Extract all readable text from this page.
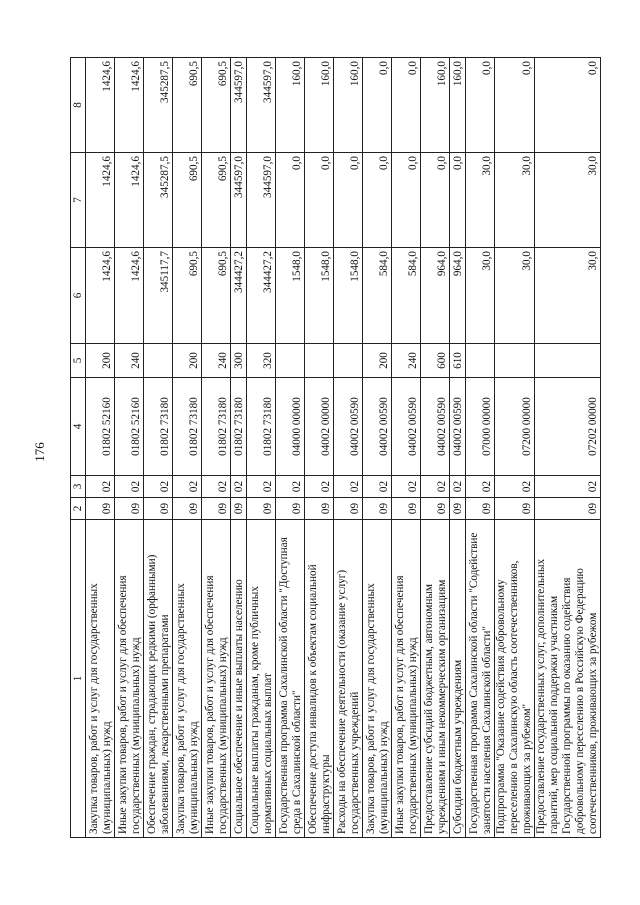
176
1	2	3	4	5	6	7	8
Закупка товаров, работ и услуг для государственных (муниципальных) нужд	09	02	01802 52160	200	1424,6	1424,6	1424,6
Иные закупки товаров, работ и услуг для обеспечения государственных (муниципальных) нужд	09	02	01802 52160	240	1424,6	1424,6	1424,6
Обеспечение граждан, страдающих редкими (орфанными) заболеваниями, лекарственными препаратами	09	02	01802 73180		345117,7	345287,5	345287,5
Закупка товаров, работ и услуг для государственных (муниципальных) нужд	09	02	01802 73180	200	690,5	690,5	690,5
Иные закупки товаров, работ и услуг для обеспечения государственных (муниципальных) нужд	09	02	01802 73180	240	690,5	690,5	690,5
Социальное обеспечение и иные выплаты населению	09	02	01802 73180	300	344427,2	344597,0	344597,0
Социальные выплаты гражданам, кроме публичных нормативных социальных выплат	09	02	01802 73180	320	344427,2	344597,0	344597,0
Государственная программа Сахалинской области "Доступная среда в Сахалинской области"	09	02	04000 00000		1548,0	0,0	160,0
Обеспечение доступа инвалидов к объектам социальной инфраструктуры	09	02	04002 00000		1548,0	0,0	160,0
Расходы на обеспечение деятельности (оказание услуг) государственных учреждений	09	02	04002 00590		1548,0	0,0	160,0
Закупка товаров, работ и услуг для государственных (муниципальных) нужд	09	02	04002 00590	200	584,0	0,0	0,0
Иные закупки товаров, работ и услуг для обеспечения государственных (муниципальных) нужд	09	02	04002 00590	240	584,0	0,0	0,0
Предоставление субсидий бюджетным, автономным учреждениям и иным некоммерческим организациям	09	02	04002 00590	600	964,0	0,0	160,0
Субсидии бюджетным учреждениям	09	02	04002 00590	610	964,0	0,0	160,0
Государственная программа Сахалинской области "Содействие занятости населения Сахалинской области"	09	02	07000 00000		30,0	30,0	0,0
Подпрограмма "Оказание содействия добровольному переселению в Сахалинскую область соотечественников, проживающих за рубежом"	09	02	07200 00000		30,0	30,0	0,0
Предоставление государственных услуг, дополнительных гарантий, мер социальной поддержки участникам Государственной программы по оказанию содействия добровольному переселению в Российскую Федерацию соотечественников, проживающих за рубежом	09	02	07202 00000		30,0	30,0	0,0
